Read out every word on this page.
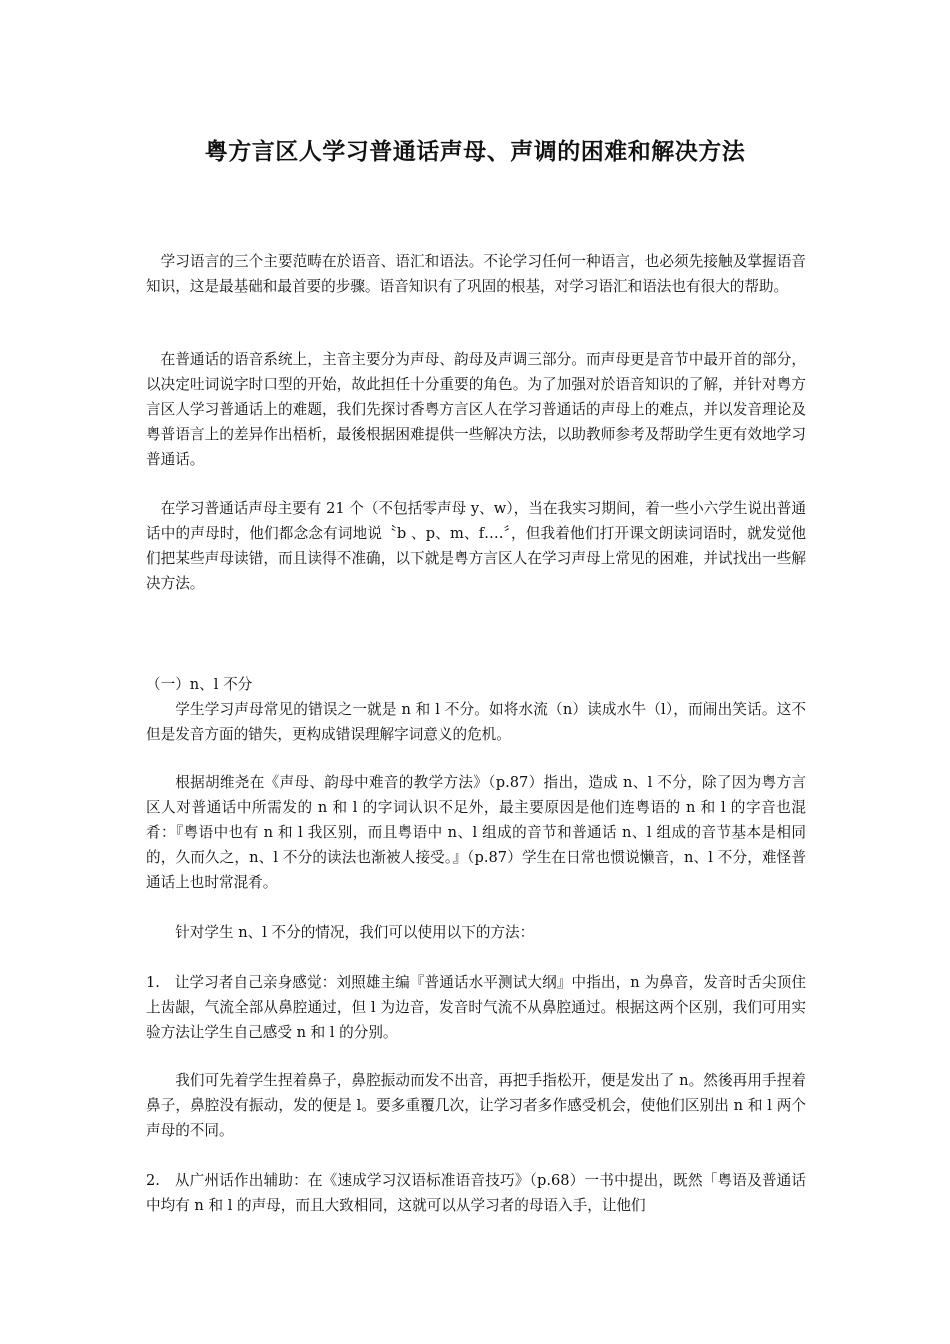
粤方言区人学习普通话声母、声调的困难和解决方法

学习语言的三个主要范畴在於语音、语汇和语法。不论学习任何一种语言，也必须先接触及掌握语音知识，这是最基础和最首要的步骤。语音知识有了巩固的根基，对学习语汇和语法也有很大的帮助。

在普通话的语音系统上，主音主要分为声母、韵母及声调三部分。而声母更是音节中最开首的部分，以决定吐词说字时口型的开始，故此担任十分重要的角色。为了加强对於语音知识的了解，并针对粤方言区人学习普通话上的难题，我们先探讨香粤方言区人在学习普通话的声母上的难点，并以发音理论及粤普语言上的差异作出梧析，最後根据困难提供一些解决方法，以助教师参考及帮助学生更有效地学习普通话。

在学习普通话声母主要有 21 个（不包括零声母 y、w），当在我实习期间，着一些小六学生说出普通话中的声母时，他们都念念有词地说〝b 、p、m、f….〞，但我着他们打开课文朗读词语时，就发觉他们把某些声母读错，而且读得不准确，以下就是粤方言区人在学习声母上常见的困难，并试找出一些解决方法。

（一）n、l 不分

学生学习声母常见的错误之一就是 n 和 l 不分。如将水流（n）读成水牛（l），而闹出笑话。这不但是发音方面的错失，更构成错误理解字词意义的危机。

根据胡维尧在《声母、韵母中难音的教学方法》（p.87）指出，造成 n、l 不分，除了因为粤方言区人对普通话中所需发的 n 和 l 的字词认识不足外，最主要原因是他们连粤语的 n 和 l 的字音也混肴：『粤语中也有 n 和 l 我区别，而且粤语中 n、l 组成的音节和普通话 n、l 组成的音节基本是相同的，久而久之，n、l 不分的读法也渐被人接受。』（p.87）学生在日常也惯说懒音，n、l 不分，难怪普通话上也时常混肴。

针对学生 n、l 不分的情况，我们可以使用以下的方法：

1.　让学习者自己亲身感觉：刘照雄主编『普通话水平测试大纲』中指出，n 为鼻音，发音时舌尖顶住上齿龈，气流全部从鼻腔通过，但 l 为边音，发音时气流不从鼻腔通过。根据这两个区别，我们可用实验方法让学生自己感受 n 和 l 的分别。

我们可先着学生捏着鼻子，鼻腔振动而发不出音，再把手指松开，便是发出了 n。然後再用手捏着鼻子，鼻腔没有振动，发的便是 l。要多重覆几次，让学习者多作感受机会，使他们区别出 n 和 l 两个声母的不同。

2.　从广州话作出辅助：在《速成学习汉语标准语音技巧》（p.68）一书中提出，既然「粤语及普通话中均有 n 和 l 的声母，而且大致相同，这就可以从学习者的母语入手，让他们
